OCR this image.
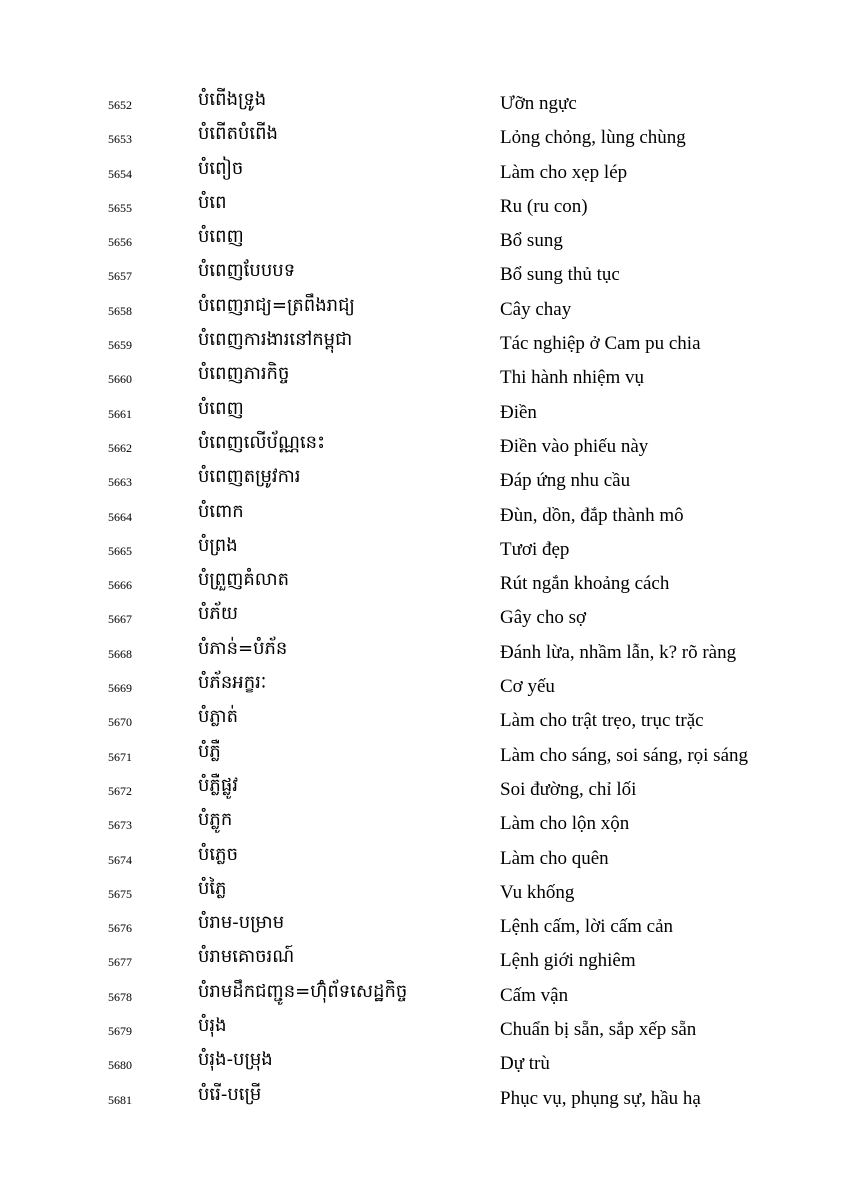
5652	បំពើងទ្រូង	Ưỡn ngực
5653	បំពើតបំពើង	Lỏng chỏng, lùng chùng
5654	បំពៀច	Làm cho xẹp lép
5655	បំពេ	Ru (ru con)
5656	បំពេញ	Bổ sung
5657	បំពេញបែបបទ	Bổ sung thủ tục
5658	បំពេញរាជ្យ=ត្រពឹងរាជ្យ	Cây chay
5659	បំពេញការងារនៅកម្ពុជា	Tác nghiệp ở Cam pu chia
5660	បំពេញភារកិច្ច	Thi hành nhiệm vụ
5661	បំពេញ	Điền
5662	បំពេញលើប័ណ្ណនេះ	Điền vào phiếu này
5663	បំពេញតម្រូវការ	Đáp ứng nhu cầu
5664	បំពោក	Đùn, dồn, đắp thành mô
5665	បំព្រង	Tươi đẹp
5666	បំព្រួញគំលាត	Rút ngắn khoảng cách
5667	បំភ័យ	Gây cho sợ
5668	បំភាន់=បំភ័ន	Đánh lừa, nhầm lẫn, k? rõ ràng
5669	បំភ័នអក្ខរៈ	Cơ yếu
5670	បំភ្លាត់	Làm cho trật trẹo, trục trặc
5671	បំភ្លឺ	Làm cho sáng, soi sáng, rọi sáng
5672	បំភ្លឺផ្លូវ	Soi đường, chỉ lối
5673	បំភ្លូក	Làm cho lộn xộn
5674	បំភ្លេច	Làm cho quên
5675	បំភ្លៃ	Vu khống
5676	បំរាម-បម្រាម	Lệnh cấm, lời cấm cản
5677	បំរាមគោចរណ៍	Lệnh giới nghiêm
5678	បំរាមដឹកជញ្ជូន=ហ៊ុំព័ទសេដ្ឋកិច្ច	Cấm vận
5679	បំរុង	Chuẩn bị sẵn, sắp xếp sẵn
5680	បំរុង-បម្រុង	Dự trù
5681	បំរើ-បម្រើ	Phục vụ, phụng sự, hầu hạ
